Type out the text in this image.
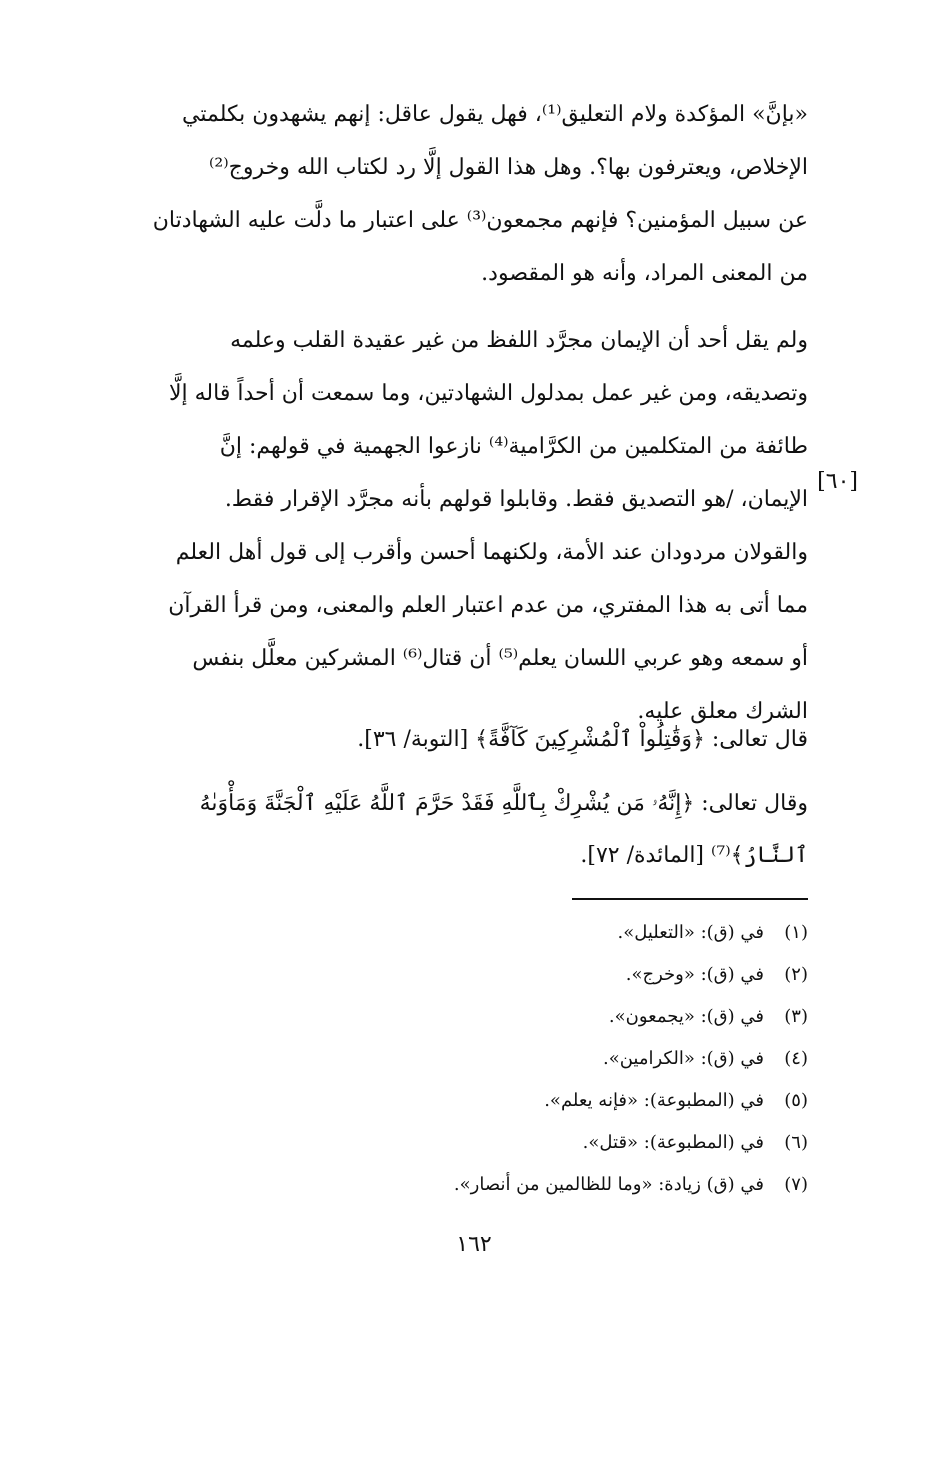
«بإنَّ» المؤكدة ولام التعليق⁽¹⁾، فهل يقول عاقل: إنهم يشهدون بكلمتي
الإخلاص، ويعترفون بها؟. وهل هذا القول إلَّا رد لكتاب الله وخروج⁽²⁾
عن سبيل المؤمنين؟ فإنهم مجمعون⁽³⁾ على اعتبار ما دلَّت عليه الشهادتان
من المعنى المراد، وأنه هو المقصود.

ولم يقل أحد أن الإيمان مجرَّد اللفظ من غير عقيدة القلب وعلمه
وتصديقه، ومن غير عمل بمدلول الشهادتين، وما سمعت أن أحداً قاله إلَّا
طائفة من المتكلمين من الكرَّامية⁽⁴⁾ نازعوا الجهمية في قولهم: إنَّ
الإيمان، /هو التصديق فقط. وقابلوا قولهم بأنه مجرَّد الإقرار فقط.
والقولان مردودان عند الأمة، ولكنهما أحسن وأقرب إلى قول أهل العلم
مما أتى به هذا المفتري، من عدم اعتبار العلم والمعنى، ومن قرأ القرآن
أو سمعه وهو عربي اللسان يعلم⁽⁵⁾ أن قتال⁽⁶⁾ المشركين معلَّل بنفس
الشرك معلق عليه.

[٦٠]

قال تعالى: ﴿وَقَٰتِلُواْ ٱلْمُشْرِكِينَ كَآفَّةً﴾ [التوبة/ ٣٦].

وقال تعالى: ﴿إِنَّهُۥ مَن يُشْرِكْ بِٱللَّهِ فَقَدْ حَرَّمَ ٱللَّهُ عَلَيْهِ ٱلْجَنَّةَ وَمَأْوَىٰهُ
ٱلنَّارُ﴾⁽⁷⁾ [المائدة/ ٧٢].

(١)في (ق): «التعليل».
(٢)في (ق): «وخرج».
(٣)في (ق): «يجمعون».
(٤)في (ق): «الكرامين».
(٥)في (المطبوعة): «فإنه يعلم».
(٦)في (المطبوعة): «قتل».
(٧)في (ق) زيادة: «وما للظالمين من أنصار».
١٦٢
